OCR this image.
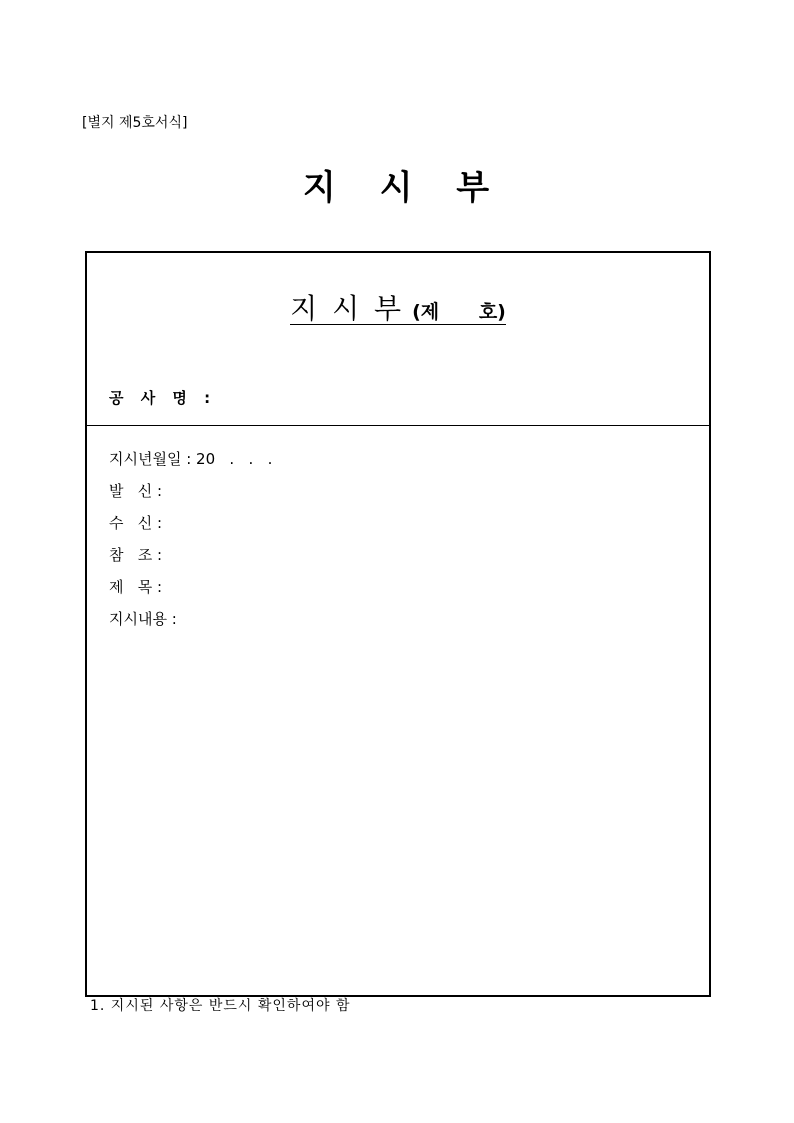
[별지 제5호서식]
지 시 부
지 시 부 (제      호)
공 사 명 :
지시년월일 : 20   .   .   .
발   신 :
수   신 :
참   조 :
제   목 :
지시내용 :
1. 지시된 사항은 반드시 확인하여야 함
